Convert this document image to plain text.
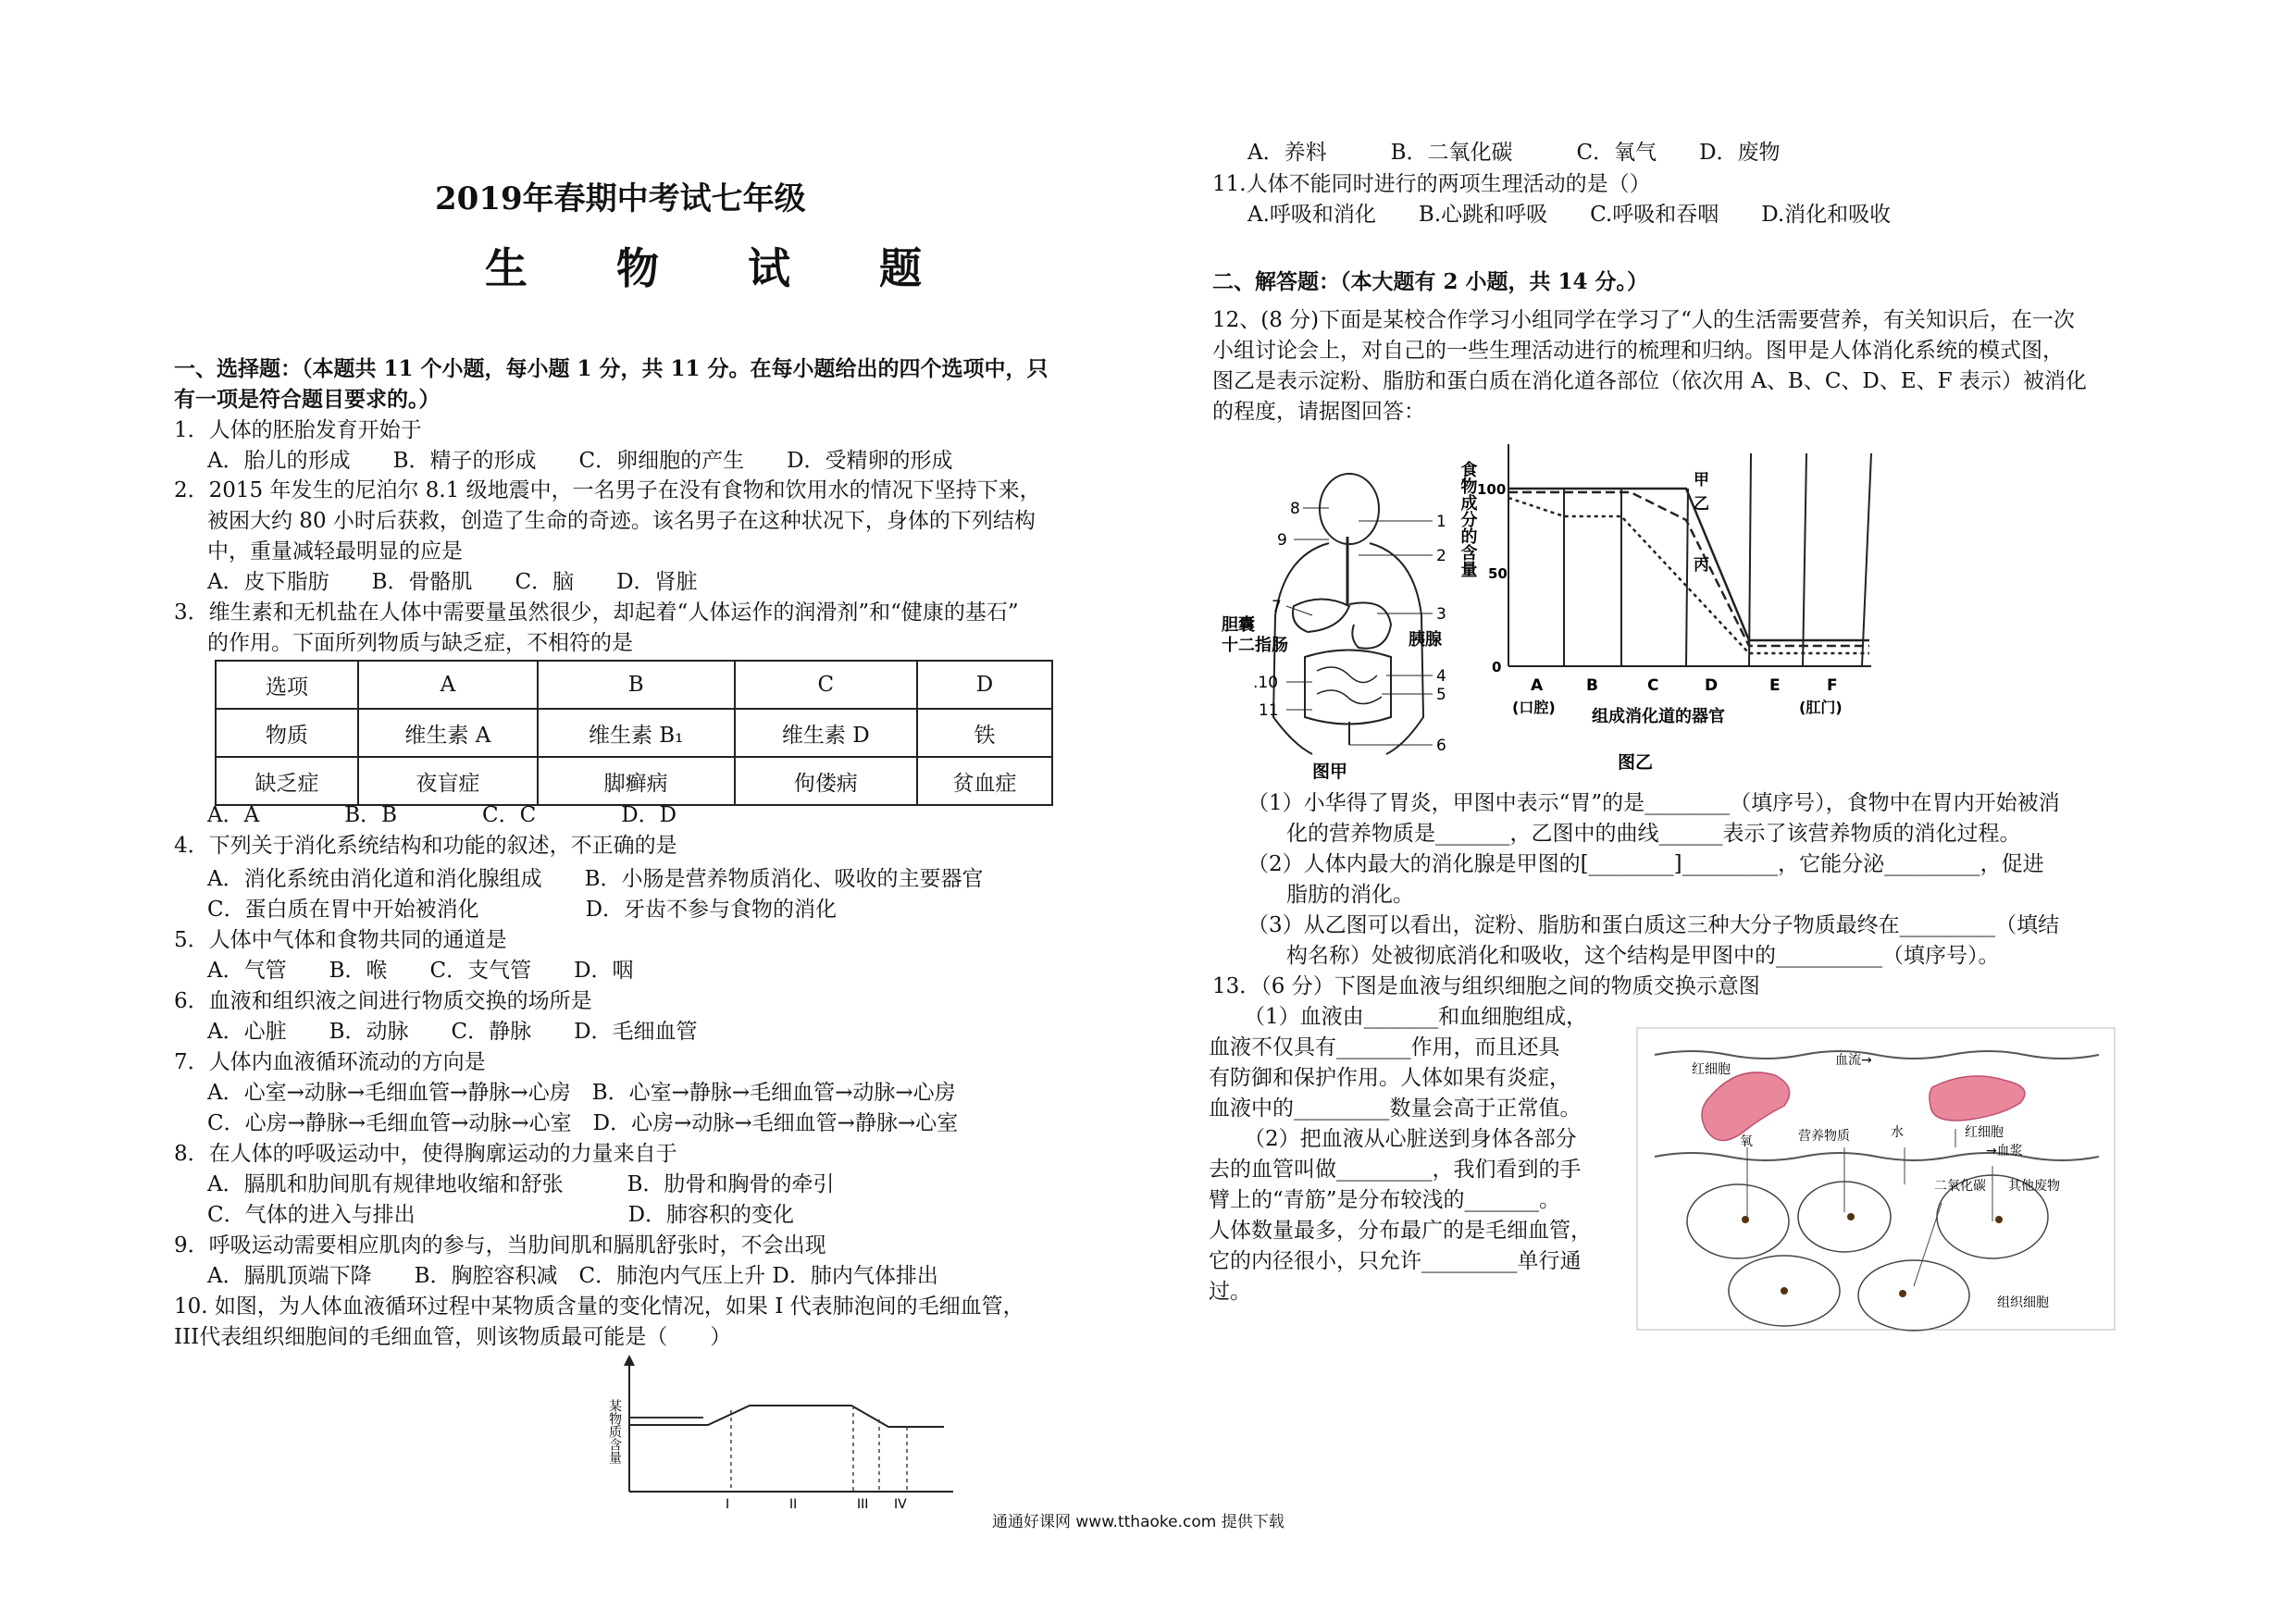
2019年春期中考试七年级
生 物 试 题
一、选择题：（本题共 11 个小题，每小题 1 分，共 11 分。在每小题给出的四个选项中，只
有一项是符合题目要求的。）
1．人体的胚胎发育开始于
A．胎儿的形成　　B．精子的形成　　C．卵细胞的产生　　D．受精卵的形成
2．2015 年发生的尼泊尔 8.1 级地震中，一名男子在没有食物和饮用水的情况下坚持下来，
被困大约 80 小时后获救，创造了生命的奇迹。该名男子在这种状况下，身体的下列结构
中，重量减轻最明显的应是
A．皮下脂肪　　B．骨骼肌　　C．脑　　D．肾脏
3．维生素和无机盐在人体中需要量虽然很少，却起着“人体运作的润滑剂”和“健康的基石”
的作用。下面所列物质与缺乏症，不相符的是
选项	A	B	C	D
物质	维生素 A	维生素 B₁	维生素 D	铁
缺乏症	夜盲症	脚癣病	佝偻病	贫血症
A．A　　　　B．B　　　　C．C　　　　D．D
4．下列关于消化系统结构和功能的叙述，不正确的是
A．消化系统由消化道和消化腺组成　　B．小肠是营养物质消化、吸收的主要器官
C．蛋白质在胃中开始被消化　　　　　D．牙齿不参与食物的消化
5．人体中气体和食物共同的通道是
A．气管　　B．喉　　C．支气管　　D．咽
6．血液和组织液之间进行物质交换的场所是
A．心脏　　B．动脉　　C．静脉　　D．毛细血管
7．人体内血液循环流动的方向是
A．心室→动脉→毛细血管→静脉→心房　B．心室→静脉→毛细血管→动脉→心房
C．心房→静脉→毛细血管→动脉→心室　D．心房→动脉→毛细血管→静脉→心室
8．在人体的呼吸运动中，使得胸廓运动的力量来自于
A．膈肌和肋间肌有规律地收缩和舒张　　　B．肋骨和胸骨的牵引
C．气体的进入与排出　　　　　　　　　　D．肺容积的变化
9．呼吸运动需要相应肌肉的参与，当肋间肌和膈肌舒张时，不会出现
A．膈肌顶端下降　　B．胸腔容积减　C．肺泡内气压上升 D．肺内气体排出
10. 如图，为人体血液循环过程中某物质含量的变化情况，如果 I 代表肺泡间的毛细血管，
III代表组织细胞间的毛细血管，则该物质最可能是（　　）
某物质含量
I	II	III IV
A．养料　　　B．二氧化碳　　　C．氧气　　D．废物
11.人体不能同时进行的两项生理活动的是（）
A.呼吸和消化　　B.心跳和呼吸　　C.呼吸和吞咽　　D.消化和吸收
二、解答题：（本大题有 2 小题，共 14 分。）
12、(8 分)下面是某校合作学习小组同学在学习了“人的生活需要营养，有关知识后，在一次
小组讨论会上，对自己的一些生理活动进行的梳理和归纳。图甲是人体消化系统的模式图，
图乙是表示淀粉、脂肪和蛋白质在消化道各部位（依次用 A、B、C、D、E、F 表示）被消化
的程度，请据图回答：
1
2
3
胰腺
4
5
6
8
9
7
胆囊
十二指肠
.10
11
图甲
食物成分的含量 100
50
0
甲
乙
丙
A	B	C	D	E	F
(口腔)	(肛门)
组成消化道的器官
图乙
（1）小华得了胃炎，甲图中表示“胃”的是________（填序号），食物中在胃内开始被消
化的营养物质是_______，乙图中的曲线______表示了该营养物质的消化过程。
（2）人体内最大的消化腺是甲图的[________]_________，它能分泌_________，促进
脂肪的消化。
（3）从乙图可以看出，淀粉、脂肪和蛋白质这三种大分子物质最终在_________（填结
构名称）处被彻底消化和吸收，这个结构是甲图中的__________（填序号）。
13．（6 分）下图是血液与组织细胞之间的物质交换示意图
（1）血液由_______和血细胞组成，
血液不仅具有_______作用，而且还具
有防御和保护作用。人体如果有炎症，
血液中的_________数量会高于正常值。
（2）把血液从心脏送到身体各部分
去的血管叫做_________，我们看到的手
臂上的“青筋”是分布较浅的_______。
人体数量最多，分布最广的是毛细血管，
它的内径很小，只允许_________单行通
过。
红细胞
血流→
红细胞
氧	营养物质	水
→血浆
二氧化碳 其他废物
组织细胞
通通好课网 www.tthaoke.com 提供下载
